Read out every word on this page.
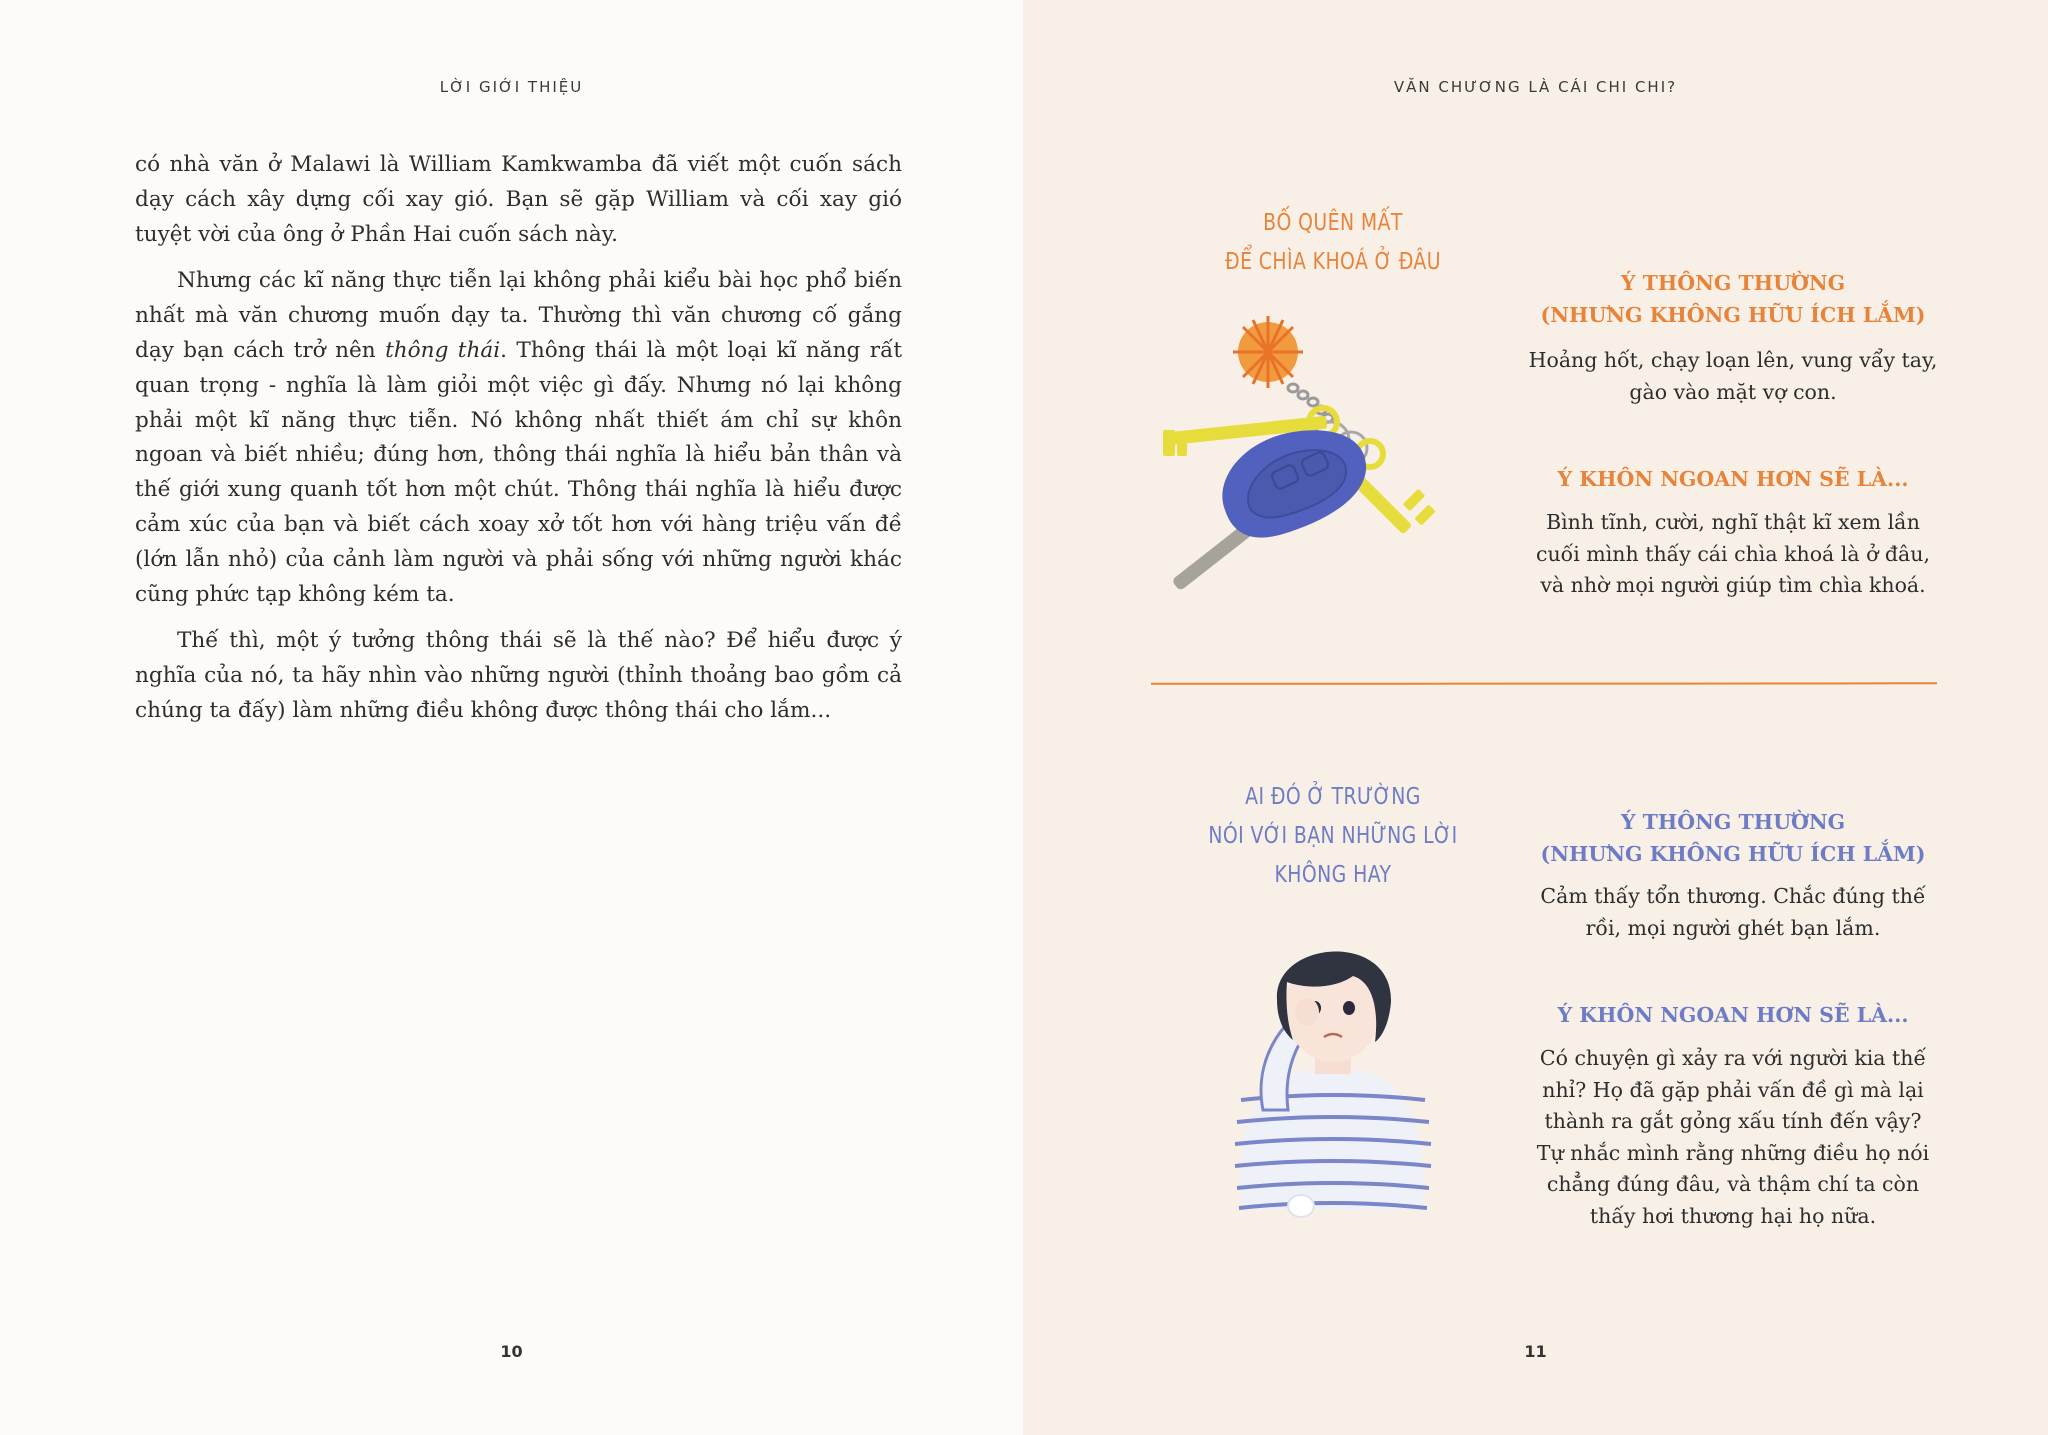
LỜI GIỚI THIỆU

có nhà văn ở Malawi là William Kamkwamba đã viết một cuốn sách dạy cách xây dựng cối xay gió. Bạn sẽ gặp William và cối xay gió tuyệt vời của ông ở Phần Hai cuốn sách này.

Nhưng các kĩ năng thực tiễn lại không phải kiểu bài học phổ biến nhất mà văn chương muốn dạy ta. Thường thì văn chương cố gắng dạy bạn cách trở nên thông thái. Thông thái là một loại kĩ năng rất quan trọng - nghĩa là làm giỏi một việc gì đấy. Nhưng nó lại không phải một kĩ năng thực tiễn. Nó không nhất thiết ám chỉ sự khôn ngoan và biết nhiều; đúng hơn, thông thái nghĩa là hiểu bản thân và thế giới xung quanh tốt hơn một chút. Thông thái nghĩa là hiểu được cảm xúc của bạn và biết cách xoay xở tốt hơn với hàng triệu vấn đề (lớn lẫn nhỏ) của cảnh làm người và phải sống với những người khác cũng phức tạp không kém ta.

Thế thì, một ý tưởng thông thái sẽ là thế nào? Để hiểu được ý nghĩa của nó, ta hãy nhìn vào những người (thỉnh thoảng bao gồm cả chúng ta đấy) làm những điều không được thông thái cho lắm...

10
VĂN CHƯƠNG LÀ CÁI CHI CHI?
BỐ QUÊN MẤT
ĐỂ CHÌA KHOÁ Ở ĐÂU
Ý THÔNG THƯỜNG
(NHƯNG KHÔNG HỮU ÍCH LẮM)
Hoảng hốt, chạy loạn lên, vung vẩy tay,
gào vào mặt vợ con.
Ý KHÔN NGOAN HƠN SẼ LÀ...
Bình tĩnh, cười, nghĩ thật kĩ xem lần
cuối mình thấy cái chìa khoá là ở đâu,
và nhờ mọi người giúp tìm chìa khoá.
AI ĐÓ Ở TRƯỜNG
NÓI VỚI BẠN NHỮNG LỜI
KHÔNG HAY
Ý THÔNG THƯỜNG
(NHƯNG KHÔNG HỮU ÍCH LẮM)
Cảm thấy tổn thương. Chắc đúng thế
rồi, mọi người ghét bạn lắm.
Ý KHÔN NGOAN HƠN SẼ LÀ...
Có chuyện gì xảy ra với người kia thế
nhỉ? Họ đã gặp phải vấn đề gì mà lại
thành ra gắt gỏng xấu tính đến vậy?
Tự nhắc mình rằng những điều họ nói
chẳng đúng đâu, và thậm chí ta còn
thấy hơi thương hại họ nữa.
11
